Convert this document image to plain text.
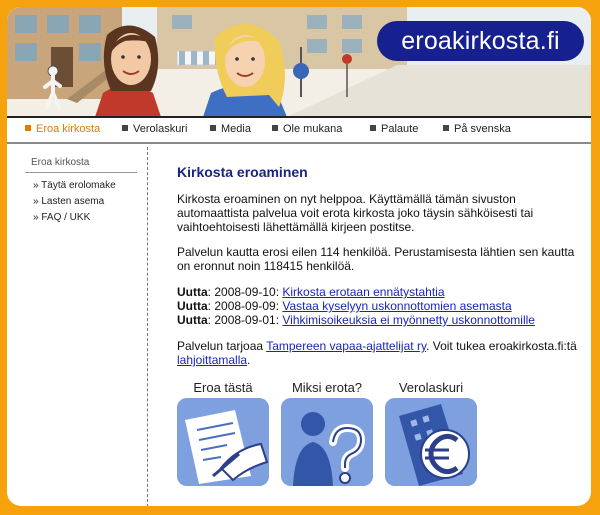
eroakirkosta.fi
Eroa kirkosta	Verolaskuri	Media	Ole mukana	Palaute	På svenska
Eroa kirkosta
» Täytä erolomake
» Lasten asema
» FAQ / UKK
Kirkosta eroaminen

Kirkosta eroaminen on nyt helppoa. Käyttämällä tämän sivuston automaattista palvelua voit erota kirkosta joko täysin sähköisesti tai vaihtoehtoisesti lähettämällä kirjeen postitse.

Palvelun kautta erosi eilen 114 henkilöä. Perustamisesta lähtien sen kautta on eronnut noin 118415 henkilöä.

Uutta: 2008-09-10: Kirkosta erotaan ennätystahtia
Uutta: 2008-09-09: Vastaa kyselyyn uskonnottomien asemasta
Uutta: 2008-09-01: Vihkimisoikeuksia ei myönnetty uskonnottomille

Palvelun tarjoaa Tampereen vapaa-ajattelijat ry. Voit tukea eroakirkosta.fi:tä lahjoittamalla.

Eroa tästä	Miksi erota?	Verolaskuri
